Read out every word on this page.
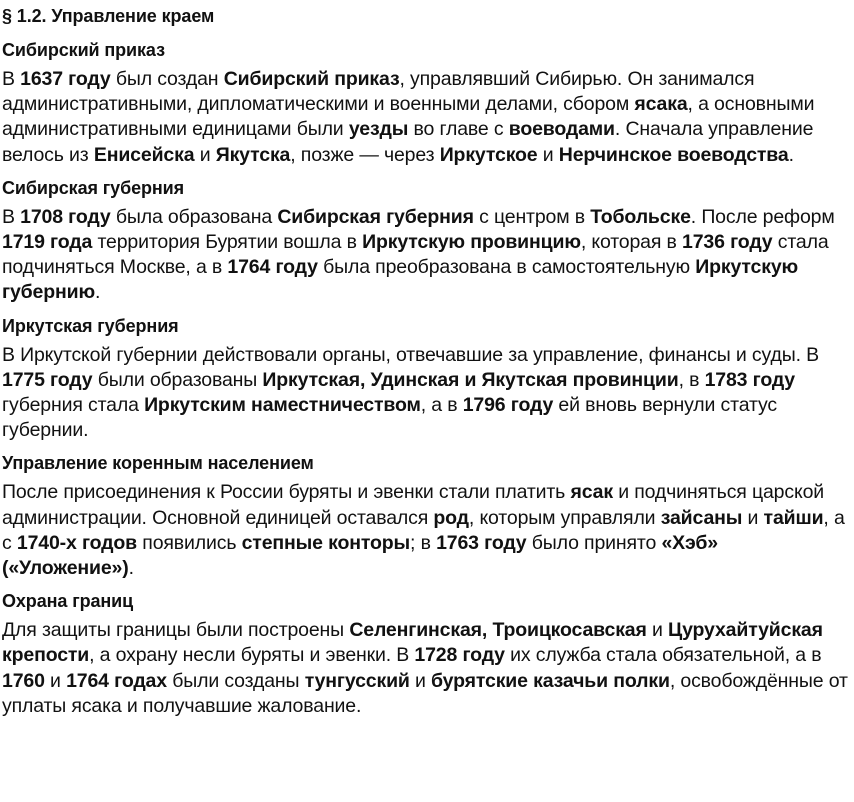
§ 1.2. Управление краем
Сибирский приказ

В 1637 году был создан Сибирский приказ, управлявший Сибирью. Он занимался административными, дипломатическими и военными делами, сбором ясака, а основными административными единицами были уезды во главе с воеводами. Сначала управление велось из Енисейска и Якутска, позже — через Иркутское и Нерчинское воеводства.

Сибирская губерния

В 1708 году была образована Сибирская губерния с центром в Тобольске. После реформ 1719 года территория Бурятии вошла в Иркутскую провинцию, которая в 1736 году стала подчиняться Москве, а в 1764 году была преобразована в самостоятельную Иркутскую губернию.

Иркутская губерния

В Иркутской губернии действовали органы, отвечавшие за управление, финансы и суды. В 1775 году были образованы Иркутская, Удинская и Якутская провинции, в 1783 году губерния стала Иркутским наместничеством, а в 1796 году ей вновь вернули статус губернии.

Управление коренным населением

После присоединения к России буряты и эвенки стали платить ясак и подчиняться царской администрации. Основной единицей оставался род, которым управляли зайсаны и тайши, а с 1740-х годов появились степные конторы; в 1763 году было принято «Хэб» («Уложение»).

Охрана границ

Для защиты границы были построены Селенгинская, Троицкосавская и Цурухайтуйская крепости, а охрану несли буряты и эвенки. В 1728 году их служба стала обязательной, а в 1760 и 1764 годах были созданы тунгусский и бурятские казачьи полки, освобождённые от уплаты ясака и получавшие жалование.
